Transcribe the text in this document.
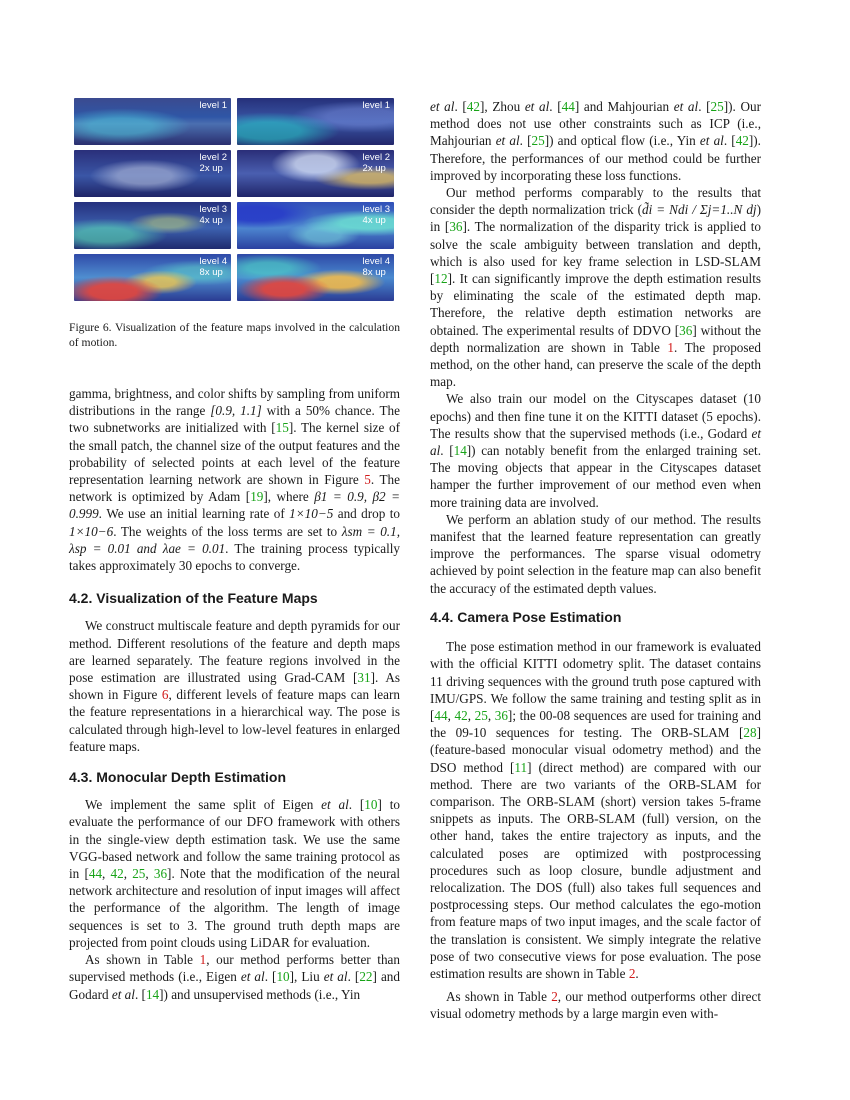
level 1	level 1
level 2
2x up
level 2
2x up
level 3
4x up
level 3
4x up
level 4
8x up
level 4
8x up

Figure 6. Visualization of the feature maps involved in the calculation of motion.

gamma, brightness, and color shifts by sampling from uniform distributions in the range [0.9, 1.1] with a 50% chance. The two subnetworks are initialized with [15]. The kernel size of the small patch, the channel size of the output features and the probability of selected points at each level of the feature representation learning network are shown in Figure 5. The network is optimized by Adam [19], where β1 = 0.9, β2 = 0.999. We use an initial learning rate of 1×10−5 and drop to 1×10−6. The weights of the loss terms are set to λsm = 0.1, λsp = 0.01 and λae = 0.01. The training process typically takes approximately 30 epochs to converge.

4.2. Visualization of the Feature Maps

We construct multiscale feature and depth pyramids for our method. Different resolutions of the feature and depth maps are learned separately. The feature regions involved in the pose estimation are illustrated using Grad-CAM [31]. As shown in Figure 6, different levels of feature maps can learn the feature representations in a hierarchical way. The pose is calculated through high-level to low-level features in enlarged feature maps.

4.3. Monocular Depth Estimation

We implement the same split of Eigen et al. [10] to evaluate the performance of our DFO framework with others in the single-view depth estimation task. We use the same VGG-based network and follow the same training protocol as in [44, 42, 25, 36]. Note that the modification of the neural network architecture and resolution of input images will affect the performance of the algorithm. The length of image sequences is set to 3. The ground truth depth maps are projected from point clouds using LiDAR for evaluation.

As shown in Table 1, our method performs better than supervised methods (i.e., Eigen et al. [10], Liu et al. [22] and Godard et al. [14]) and unsupervised methods (i.e., Yin

et al. [42], Zhou et al. [44] and Mahjourian et al. [25]). Our method does not use other constraints such as ICP (i.e., Mahjourian et al. [25]) and optical flow (i.e., Yin et al. [42]). Therefore, the performances of our method could be further improved by incorporating these loss functions.

Our method performs comparably to the results that consider the depth normalization trick (d̃i = Ndi / Σj=1..N dj) in [36]. The normalization of the disparity trick is applied to solve the scale ambiguity between translation and depth, which is also used for key frame selection in LSD-SLAM [12]. It can significantly improve the depth estimation results by eliminating the scale of the estimated depth map. Therefore, the relative depth estimation networks are obtained. The experimental results of DDVO [36] without the depth normalization are shown in Table 1. The proposed method, on the other hand, can preserve the scale of the depth map.

We also train our model on the Cityscapes dataset (10 epochs) and then fine tune it on the KITTI dataset (5 epochs). The results show that the supervised methods (i.e., Godard et al. [14]) can notably benefit from the enlarged training set. The moving objects that appear in the Cityscapes dataset hamper the further improvement of our method even when more training data are involved.

We perform an ablation study of our method. The results manifest that the learned feature representation can greatly improve the performances. The sparse visual odometry achieved by point selection in the feature map can also benefit the accuracy of the estimated depth values.

4.4. Camera Pose Estimation

The pose estimation method in our framework is evaluated with the official KITTI odometry split. The dataset contains 11 driving sequences with the ground truth pose captured with IMU/GPS. We follow the same training and testing split as in [44, 42, 25, 36]; the 00-08 sequences are used for training and the 09-10 sequences for testing. The ORB-SLAM [28] (feature-based monocular visual odometry method) and the DSO method [11] (direct method) are compared with our method. There are two variants of the ORB-SLAM for comparison. The ORB-SLAM (short) version takes 5-frame snippets as inputs. The ORB-SLAM (full) version, on the other hand, takes the entire trajectory as inputs, and the calculated poses are optimized with postprocessing procedures such as loop closure, bundle adjustment and relocalization. The DOS (full) also takes full sequences and postprocessing steps. Our method calculates the ego-motion from feature maps of two input images, and the scale factor of the translation is consistent. We simply integrate the relative pose of two consecutive views for pose evaluation. The pose estimation results are shown in Table 2.

As shown in Table 2, our method outperforms other direct visual odometry methods by a large margin even with-
